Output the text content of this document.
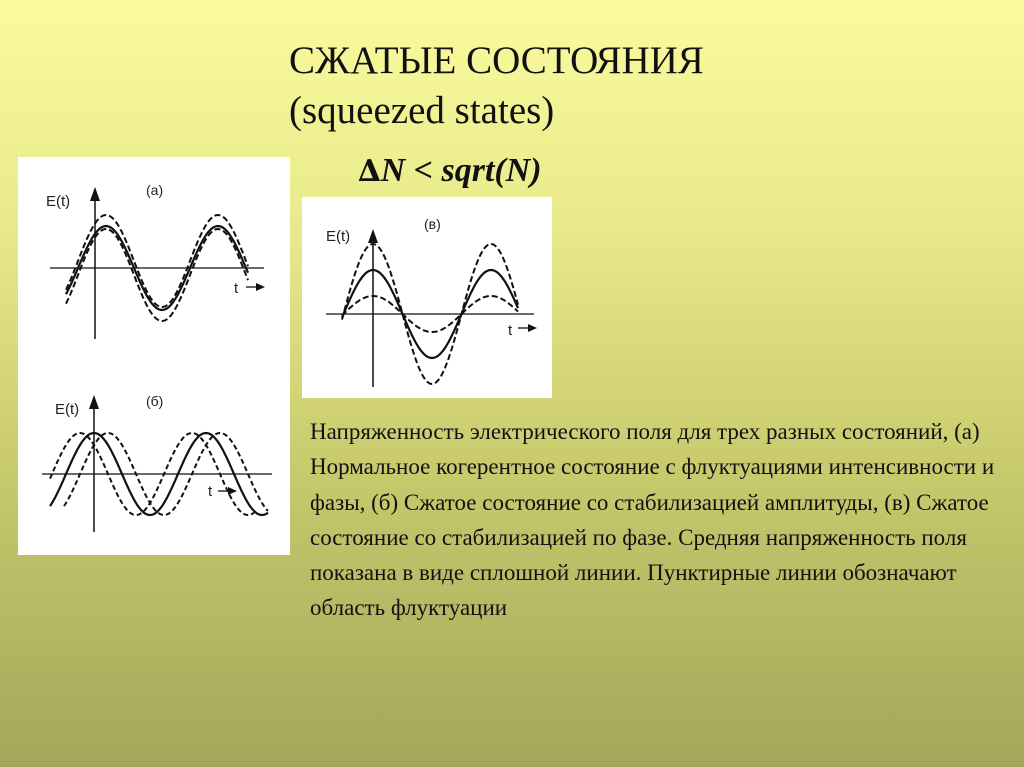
СЖАТЫЕ СОСТОЯНИЯ
(squeezed states)
∆N < sqrt(N)
E(t)
(а)
t
E(t)	(б)
t
E(t)
(в)
t

Напряженность электрического поля для трех разных состояний, (а) Нормальное когерентное состояние с флуктуациями интенсивности и фазы, (б) Сжатое состояние со стабилизацией амплитуды, (в) Сжатое состояние со стабилизацией по фазе. Средняя напряженность поля показана в виде сплошной линии. Пунктирные линии обозначают область флуктуации
